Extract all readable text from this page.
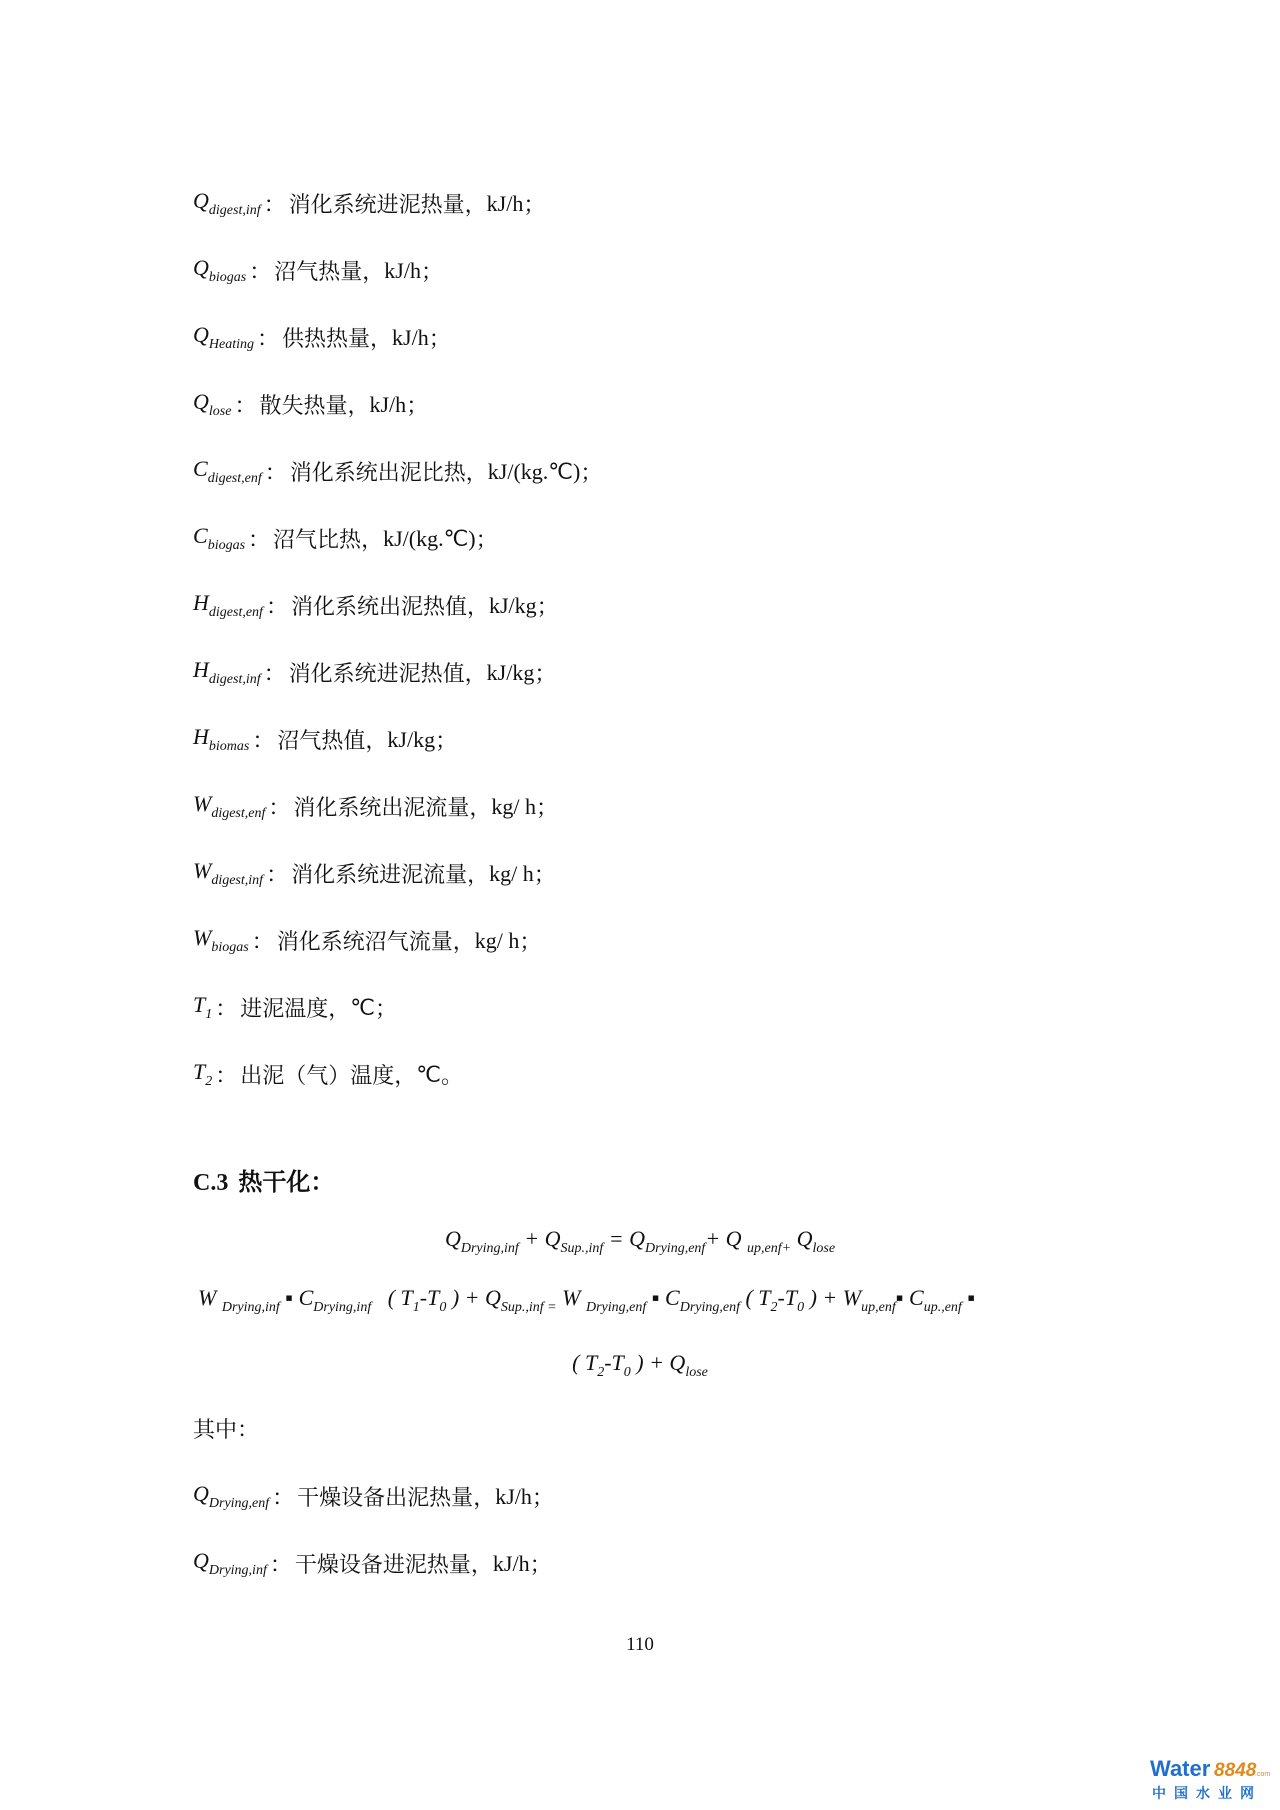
$Q_{digest,inf}$ ： 消化系统进泥热量 ， kJ/h ；
$Q_{biogas}$ ： 沼气热量 ， kJ/h ；
$Q_{Heating}$ ： 供热热量 ， kJ/h ；
$Q_{lose}$ ： 散失热量 ， kJ/h ；
$C_{digest,enf}$ ： 消化系统出泥比热 ， kJ/(kg.℃) ；
$C_{biogas}$ ： 沼气比热 ， kJ/(kg.℃) ；
$H_{digest,enf}$ ： 消化系统出泥热值 ， kJ/kg ；
$H_{digest,inf}$ ： 消化系统进泥热值 ， kJ/kg ；
$H_{biomas}$ ： 沼气热值 ， kJ/kg ；
$W_{digest,enf}$ ： 消化系统出泥流量 ， kg/ h ；
$W_{digest,inf}$ ： 消化系统进泥流量 ， kg/ h ；
$W_{biogas}$ ： 消化系统沼气流量 ， kg/ h ；
$T_1$ ： 进泥温度 ， ℃ ；
$T_2$ ： 出泥（气）温度 ， ℃ 。
C.3 热干化：
$Q_{Drying,inf} + Q_{Sup.,inf} = Q_{Drying,enf}+ Q$ $_{up,enf+}$ $Q_{lose}$
W $_{Drying,inf}$ ▪ $C_{Drying,inf}$   ( $T_1-T_0$ ) + $Q_{Sup.,inf =}$ W $_{Drying,enf}$ ▪ $C_{Drying,enf}$ ( $T_2-T_0$ ) + $W_{up,enf}▪$ $C_{up.,enf}$ ▪
( $T_2-T_0$ ) + $Q_{lose}$
其中：
$Q_{Drying,enf}$ ： 干燥设备出泥热量 ， kJ/h ；
$Q_{Drying,inf}$ ： 干燥设备进泥热量 ， kJ/h ；
110
Water 8848
.com
中国水业网
